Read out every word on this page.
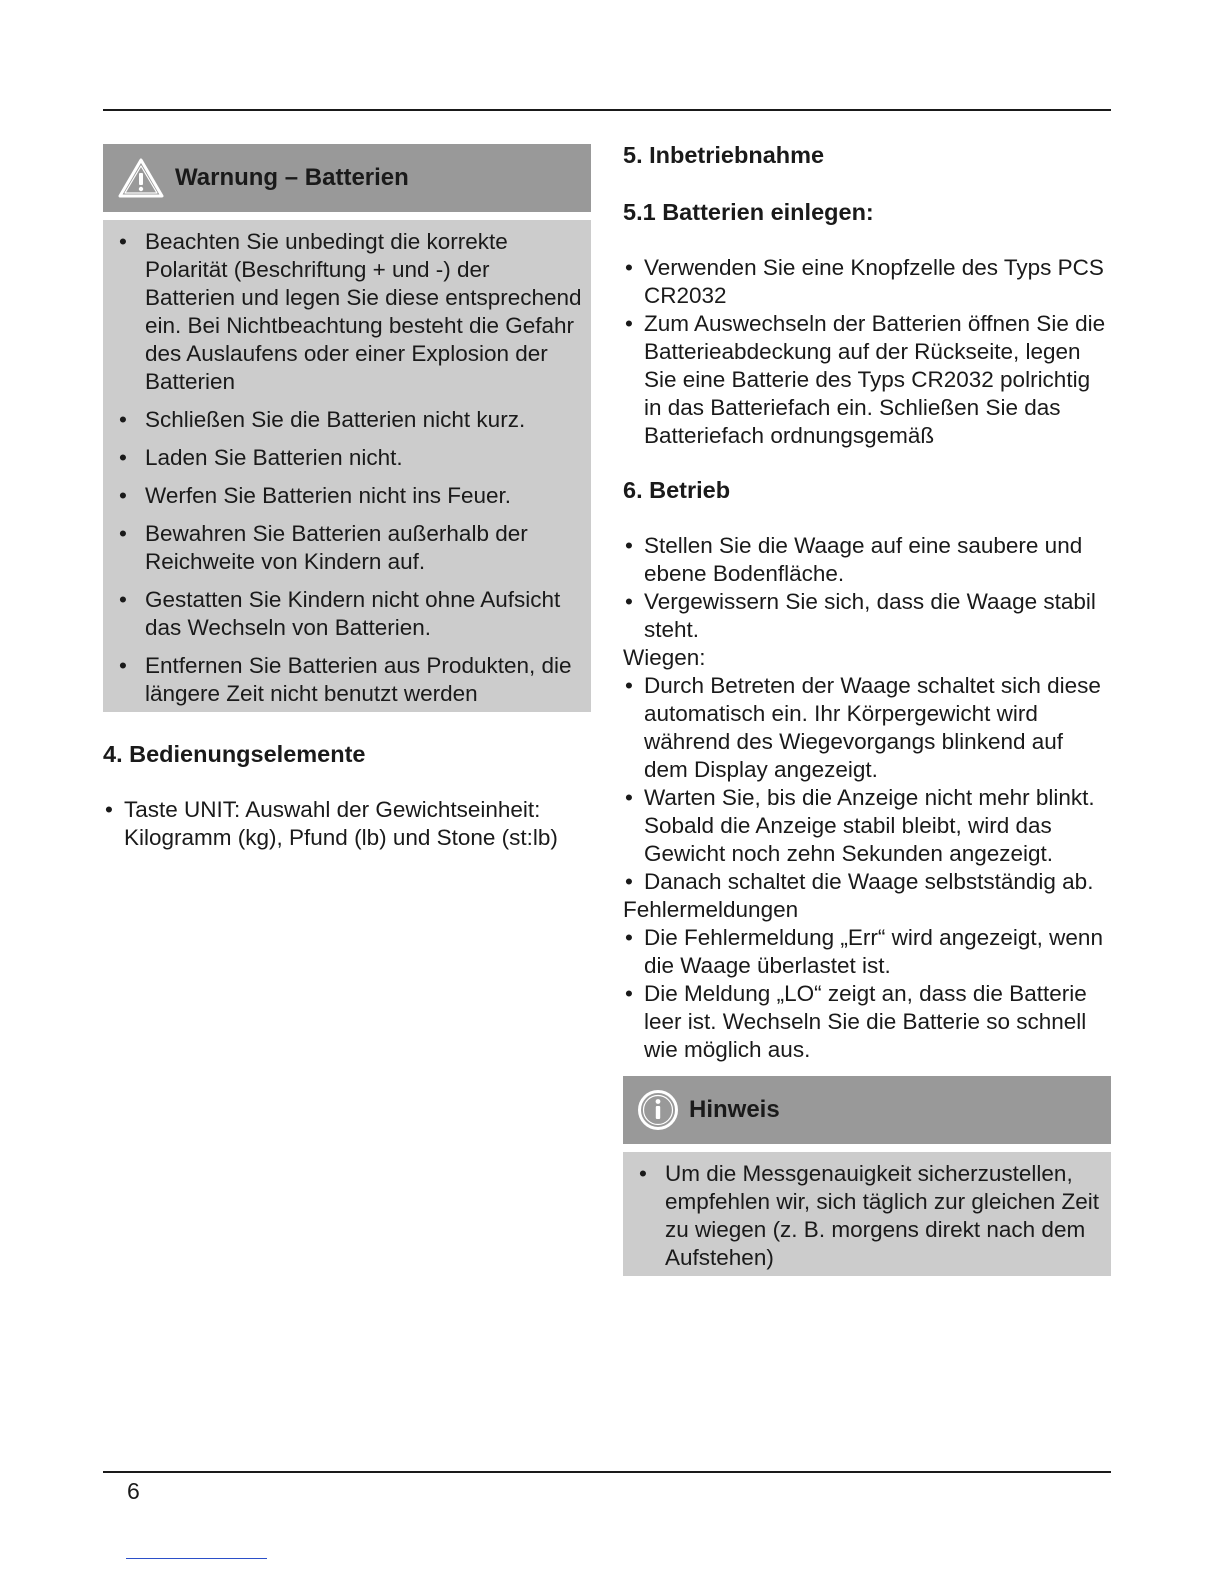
Warnung – Batterien
• Beachten Sie unbedingt die korrekte Polarität (Beschriftung + und -) der Batterien und legen Sie diese entsprechend ein. Bei Nichtbeachtung besteht die Gefahr des Auslaufens oder einer Explosion der Batterien
• Schließen Sie die Batterien nicht kurz.
• Laden Sie Batterien nicht.
• Werfen Sie Batterien nicht ins Feuer.
• Bewahren Sie Batterien außerhalb der Reichweite von Kindern auf.
• Gestatten Sie Kindern nicht ohne Aufsicht das Wechseln von Batterien.
• Entfernen Sie Batterien aus Produkten, die längere Zeit nicht benutzt werden
4. Bedienungselemente
• Taste UNIT: Auswahl der Gewichtseinheit: Kilogramm (kg), Pfund (lb) und Stone (st:lb)
5. Inbetriebnahme
5.1 Batterien einlegen:
• Verwenden Sie eine Knopfzelle des Typs PCS CR2032
• Zum Auswechseln der Batterien öffnen Sie die Batterieabdeckung auf der Rückseite, legen Sie eine Batterie des Typs CR2032 polrichtig in das Batteriefach ein. Schließen Sie das Batteriefach ordnungsgemäß
6. Betrieb
• Stellen Sie die Waage auf eine saubere und ebene Bodenfläche.
• Vergewissern Sie sich, dass die Waage stabil steht.
Wiegen:
• Durch Betreten der Waage schaltet sich diese automatisch ein. Ihr Körpergewicht wird während des Wiegevorgangs blinkend auf dem Display angezeigt.
• Warten Sie, bis die Anzeige nicht mehr blinkt. Sobald die Anzeige stabil bleibt, wird das Gewicht noch zehn Sekunden angezeigt.
• Danach schaltet die Waage selbstständig ab.
Fehlermeldungen
• Die Fehlermeldung „Err“ wird angezeigt, wenn die Waage überlastet ist.
• Die Meldung „LO“ zeigt an, dass die Batterie leer ist. Wechseln Sie die Batterie so schnell wie möglich aus.
Hinweis
• Um die Messgenauigkeit sicherzustellen, empfehlen wir, sich täglich zur gleichen Zeit zu wiegen (z. B. morgens direkt nach dem Aufstehen)
6
